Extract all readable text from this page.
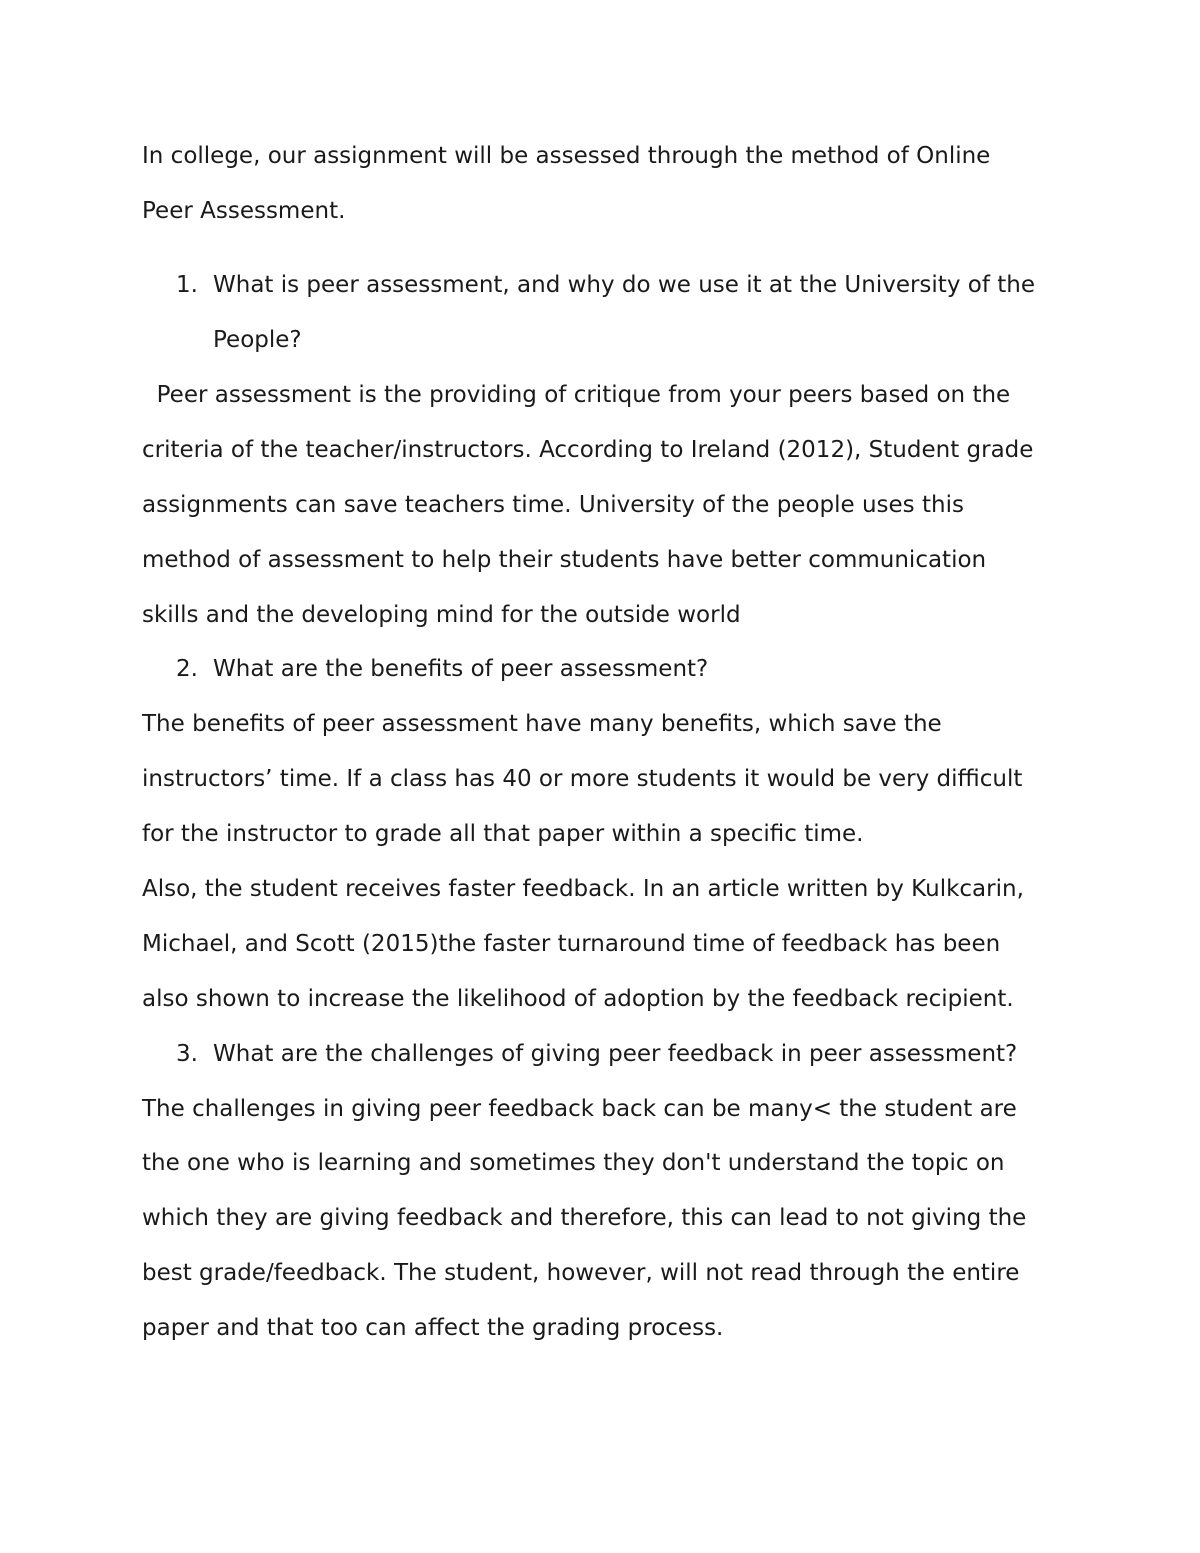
In college, our assignment will be assessed through the method of Online

Peer Assessment.

1. What is peer assessment, and why do we use it at the University of the

People?

Peer assessment is the providing of critique from your peers based on the

criteria of the teacher/instructors. According to Ireland (2012), Student grade

assignments can save teachers time. University of the people uses this

method of assessment to help their students have better communication

skills and the developing mind for the outside world

2. What are the benefits of peer assessment?

The benefits of peer assessment have many benefits, which save the

instructors’ time. If a class has 40 or more students it would be very difficult

for the instructor to grade all that paper within a specific time.

Also, the student receives faster feedback. In an article written by Kulkcarin,

Michael, and Scott (2015)the faster turnaround time of feedback has been

also shown to increase the likelihood of adoption by the feedback recipient.

3. What are the challenges of giving peer feedback in peer assessment?

The challenges in giving peer feedback back can be many< the student are

the one who is learning and sometimes they don't understand the topic on

which they are giving feedback and therefore, this can lead to not giving the

best grade/feedback. The student, however, will not read through the entire

paper and that too can affect the grading process.
